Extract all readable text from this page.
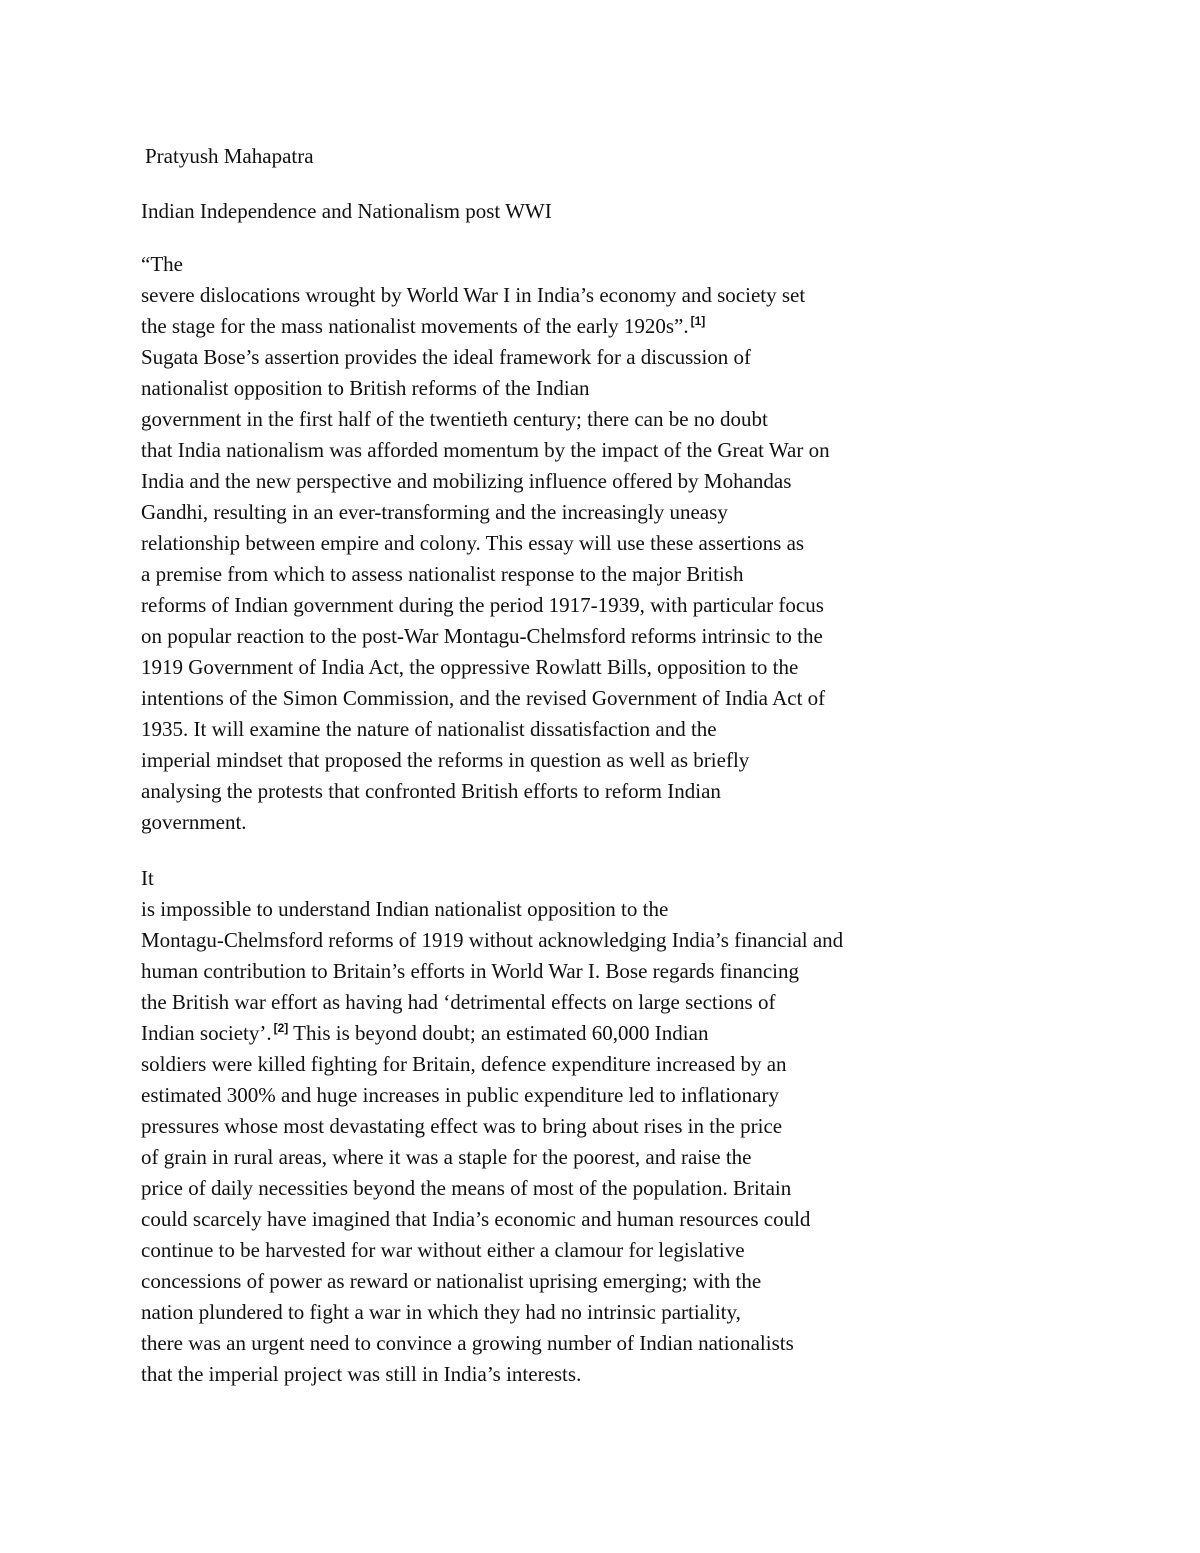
Pratyush Mahapatra
Indian Independence and Nationalism post WWI
“The
severe dislocations wrought by World War I in India’s economy and society set
the stage for the mass nationalist movements of the early 1920s”. [1]
Sugata Bose’s assertion provides the ideal framework for a discussion of
nationalist opposition to British reforms of the Indian
government in the first half of the twentieth century; there can be no doubt
that India nationalism was afforded momentum by the impact of the Great War on
India and the new perspective and mobilizing influence offered by Mohandas
Gandhi, resulting in an ever-transforming and the increasingly uneasy
relationship between empire and colony. This essay will use these assertions as
a premise from which to assess nationalist response to the major British
reforms of Indian government during the period 1917-1939, with particular focus
on popular reaction to the post-War Montagu-Chelmsford reforms intrinsic to the
1919 Government of India Act, the oppressive Rowlatt Bills, opposition to the
intentions of the Simon Commission, and the revised Government of India Act of
1935. It will examine the nature of nationalist dissatisfaction and the
imperial mindset that proposed the reforms in question as well as briefly
analysing the protests that confronted British efforts to reform Indian
government.
It
is impossible to understand Indian nationalist opposition to the
Montagu-Chelmsford reforms of 1919 without acknowledging India’s financial and
human contribution to Britain’s efforts in World War I. Bose regards financing
the British war effort as having had ‘detrimental effects on large sections of
Indian society’. [2] This is beyond doubt; an estimated 60,000 Indian
soldiers were killed fighting for Britain, defence expenditure increased by an
estimated 300% and huge increases in public expenditure led to inflationary
pressures whose most devastating effect was to bring about rises in the price
of grain in rural areas, where it was a staple for the poorest, and raise the
price of daily necessities beyond the means of most of the population. Britain
could scarcely have imagined that India’s economic and human resources could
continue to be harvested for war without either a clamour for legislative
concessions of power as reward or nationalist uprising emerging; with the
nation plundered to fight a war in which they had no intrinsic partiality,
there was an urgent need to convince a growing number of Indian nationalists
that the imperial project was still in India’s interests.
